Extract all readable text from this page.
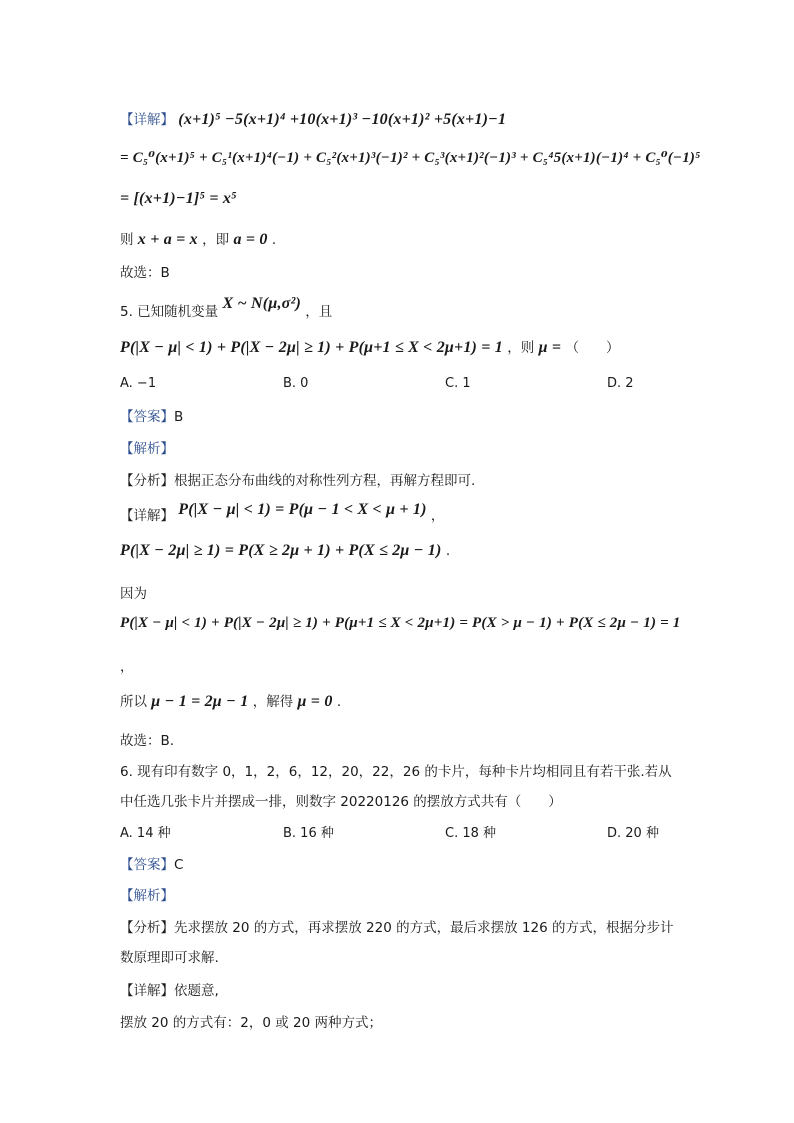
【详解】 (x+1)⁵ −5(x+1)⁴ +10(x+1)³ −10(x+1)² +5(x+1)−1
= C₅⁰(x+1)⁵ + C₅¹(x+1)⁴(−1) + C₅²(x+1)³(−1)² + C₅³(x+1)²(−1)³ + C₅⁴5(x+1)(−1)⁴ + C₅⁰(−1)⁵
= [(x+1)−1]⁵ = x⁵
则 x + a = x ，即 a = 0 .
故选：B
5. 已知随机变量 X ~ N(μ,σ²) ，且
P(|X − μ| < 1) + P(|X − 2μ| ≥ 1) + P(μ+1 ≤ X < 2μ+1) = 1 ，则 μ = （　　）
A. −1	B. 0	C. 1	D. 2
【答案】B
【解析】
【分析】根据正态分布曲线的对称性列方程，再解方程即可.
【详解】 P(|X − μ| < 1) = P(μ − 1 < X < μ + 1) ，
P(|X − 2μ| ≥ 1) = P(X ≥ 2μ + 1) + P(X ≤ 2μ − 1) .
因为
P(|X − μ| < 1) + P(|X − 2μ| ≥ 1) + P(μ+1 ≤ X < 2μ+1) = P(X > μ − 1) + P(X ≤ 2μ − 1) = 1
，
所以 μ − 1 = 2μ − 1 ，解得 μ = 0 .
故选：B.
6. 现有印有数字 0，1，2，6，12，20，22，26 的卡片，每种卡片均相同且有若干张.若从
中任选几张卡片并摆成一排，则数字 20220126 的摆放方式共有（　　）
A. 14 种	B. 16 种	C. 18 种	D. 20 种
【答案】C
【解析】
【分析】先求摆放 20 的方式，再求摆放 220 的方式，最后求摆放 126 的方式，根据分步计
数原理即可求解.
【详解】依题意,
摆放 20 的方式有：2，0 或 20 两种方式；
